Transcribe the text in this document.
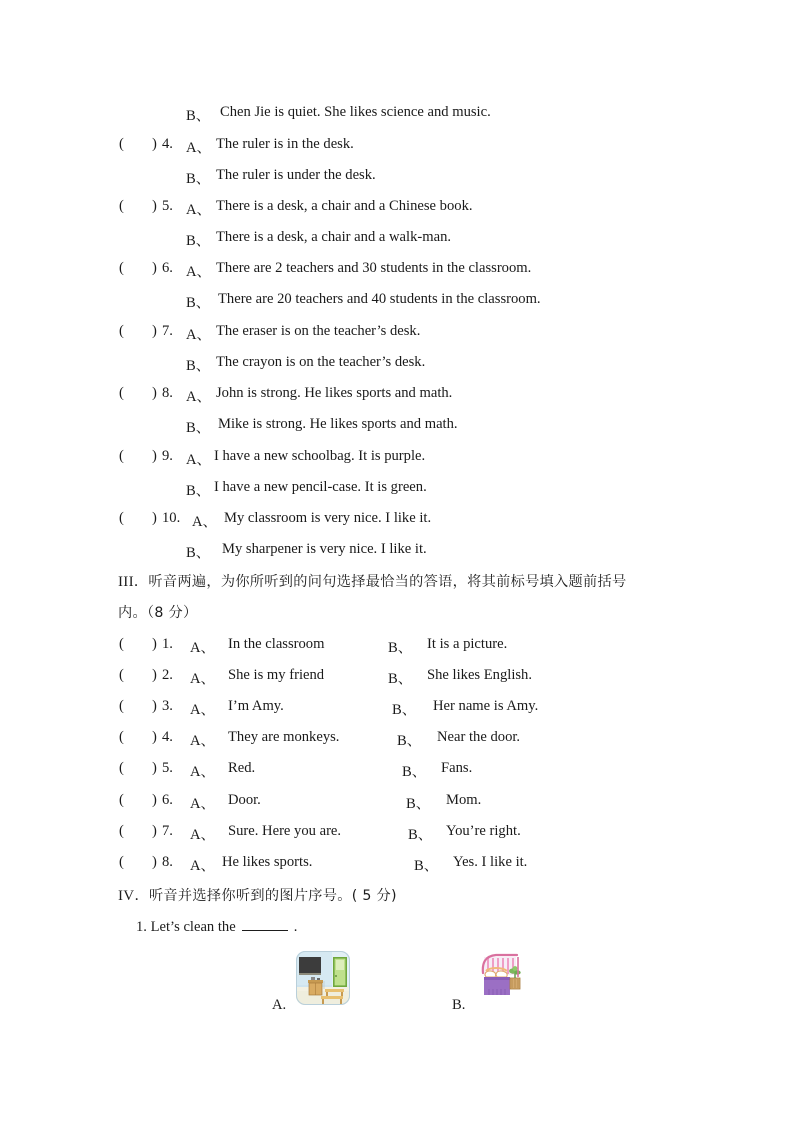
B、 Chen Jie is quiet. She likes science and music.
( ) 4. A、 The ruler is in the desk.
B、 The ruler is under the desk.
( ) 5. A、 There is a desk, a chair and a Chinese book.
B、 There is a desk, a chair and a walk-man.
( ) 6. A、 There are 2 teachers and 30 students in the classroom.
B、 There are 20 teachers and 40 students in the classroom.
( ) 7. A、 The eraser is on the teacher’s desk.
B、 The crayon is on the teacher’s desk.
( ) 8. A、 John is strong. He likes sports and math.
B、 Mike is strong. He likes sports and math.
( ) 9. A、 I have a new schoolbag. It is purple.
B、 I have a new pencil-case. It is green.
( ) 10. A、 My classroom is very nice. I like it.
B、 My sharpener is very nice. I like it.
III．听音两遍，为你所听到的问句选择最恰当的答语，将其前标号填入题前括号
内。（8 分）
( ) 1. A、 In the classroom	B、 It is a picture.
( ) 2. A、 She is my friend	B、 She likes English.
( ) 3. A、 I’m Amy.	B、 Her name is Amy.
( ) 4. A、 They are monkeys.	B、 Near the door.
( ) 5. A、 Red.	B、 Fans.
( ) 6. A、 Door.	B、 Mom.
( ) 7. A、 Sure. Here you are.	B、 You’re right.
( ) 8. A、 He likes sports.	B、 Yes. I like it.
IV．听音并选择你听到的图片序号。( 5 分)
1. Let’s clean the	.
A.	B.
